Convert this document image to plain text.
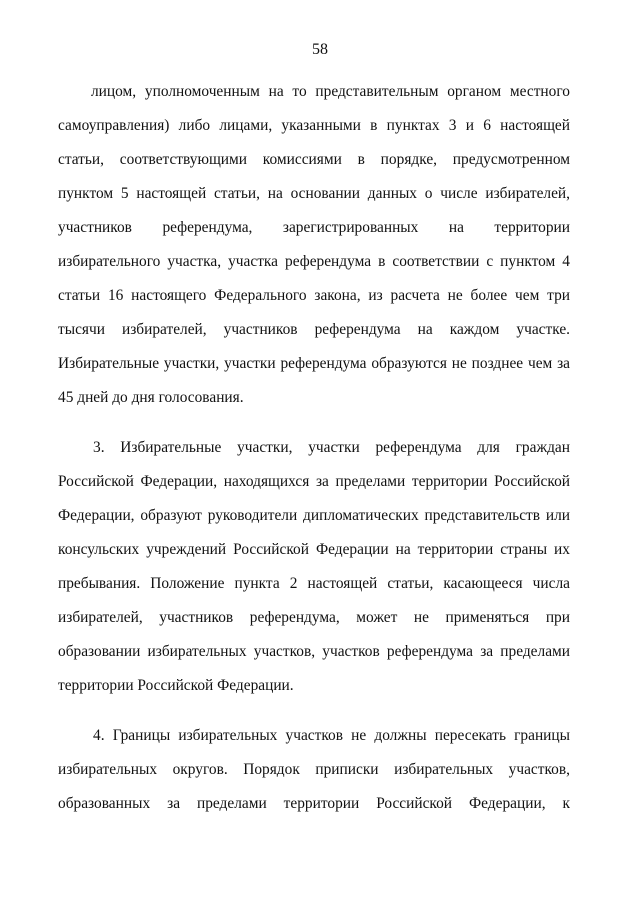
58
лицом, уполномоченным на то представительным органом местного
самоуправления) либо лицами, указанными в пунктах 3 и 6 настоящей
статьи, соответствующими комиссиями в порядке, предусмотренном
пунктом 5 настоящей статьи, на основании данных о числе избирателей,
участников референдума, зарегистрированных на территории
избирательного участка, участка референдума в соответствии с пунктом 4
статьи 16 настоящего Федерального закона, из расчета не более чем три
тысячи избирателей, участников референдума на каждом участке.
Избирательные участки, участки референдума образуются не позднее чем за
45 дней до дня голосования.
3. Избирательные участки, участки референдума для граждан
Российской Федерации, находящихся за пределами территории Российской
Федерации, образуют руководители дипломатических представительств или
консульских учреждений Российской Федерации на территории страны их
пребывания. Положение пункта 2 настоящей статьи, касающееся числа
избирателей, участников референдума, может не применяться при
образовании избирательных участков, участков референдума за пределами
территории Российской Федерации.
4. Границы избирательных участков не должны пересекать границы
избирательных округов. Порядок приписки избирательных участков,
образованных за пределами территории Российской Федерации, к
